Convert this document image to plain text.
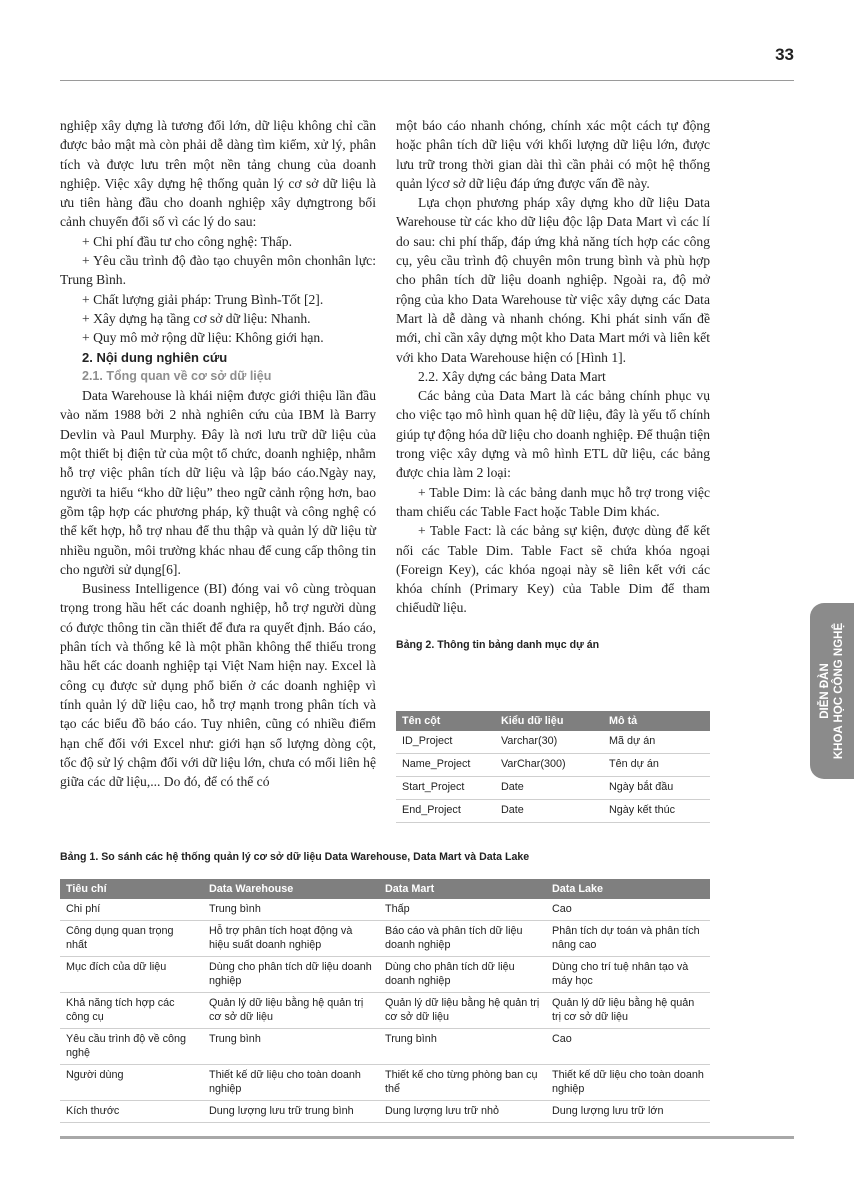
33

nghiệp xây dựng là tương đối lớn, dữ liệu không chỉ cần được bảo mật mà còn phải dễ dàng tìm kiếm, xử lý, phân tích và được lưu trên một nền tảng chung của doanh nghiệp. Việc xây dựng hệ thống quản lý cơ sở dữ liệu là ưu tiên hàng đầu cho doanh nghiệp xây dựngtrong bối cảnh chuyển đổi số vì các lý do sau:

+ Chi phí đầu tư cho công nghệ: Thấp.

+ Yêu cầu trình độ đào tạo chuyên môn chonhân lực: Trung Bình.

+ Chất lượng giải pháp: Trung Bình-Tốt [2].

+ Xây dựng hạ tầng cơ sở dữ liệu: Nhanh.

+ Quy mô mở rộng dữ liệu: Không giới hạn.

2. Nội dung nghiên cứu

2.1. Tổng quan về cơ sở dữ liệu

Data Warehouse là khái niệm được giới thiệu lần đầu vào năm 1988 bởi 2 nhà nghiên cứu của IBM là Barry Devlin và Paul Murphy. Đây là nơi lưu trữ dữ liệu của một thiết bị điện tử của một tổ chức, doanh nghiệp, nhằm hỗ trợ việc phân tích dữ liệu và lập báo cáo.Ngày nay, người ta hiểu “kho dữ liệu” theo ngữ cảnh rộng hơn, bao gồm tập hợp các phương pháp, kỹ thuật và công nghệ có thể kết hợp, hỗ trợ nhau để thu thập và quản lý dữ liệu từ nhiều nguồn, môi trường khác nhau để cung cấp thông tin cho người sử dụng[6].

Business Intelligence (BI) đóng vai vô cùng tròquan trọng trong hầu hết các doanh nghiệp, hỗ trợ người dùng có được thông tin cần thiết để đưa ra quyết định. Báo cáo, phân tích và thống kê là một phần không thể thiếu trong hầu hết các doanh nghiệp tại Việt Nam hiện nay. Excel là công cụ được sử dụng phổ biến ở các doanh nghiệp vì tính quản lý dữ liệu cao, hỗ trợ mạnh trong phân tích và tạo các biểu đồ báo cáo. Tuy nhiên, cũng có nhiều điểm hạn chế đối với Excel như: giới hạn số lượng dòng cột, tốc độ sử lý chậm đối với dữ liệu lớn, chưa có mối liên hệ giữa các dữ liệu,... Do đó, để có thể có

một báo cáo nhanh chóng, chính xác một cách tự động hoặc phân tích dữ liệu với khối lượng dữ liệu lớn, được lưu trữ trong thời gian dài thì cần phải có một hệ thống quản lýcơ sở dữ liệu đáp ứng được vấn đề này.

Lựa chọn phương pháp xây dựng kho dữ liệu Data Warehouse từ các kho dữ liệu độc lập Data Mart vì các lí do sau: chi phí thấp, đáp ứng khả năng tích hợp các công cụ, yêu cầu trình độ chuyên môn trung bình và phù hợp cho phân tích dữ liệu doanh nghiệp. Ngoài ra, độ mở rộng của kho Data Warehouse từ việc xây dựng các Data Mart là dễ dàng và nhanh chóng. Khi phát sinh vấn đề mới, chỉ cần xây dựng một kho Data Mart mới và liên kết với kho Data Warehouse hiện có [Hình 1].

2.2. Xây dựng các bảng Data Mart

Các bảng của Data Mart là các bảng chính phục vụ cho việc tạo mô hình quan hệ dữ liệu, đây là yếu tố chính giúp tự động hóa dữ liệu cho doanh nghiệp. Để thuận tiện trong việc xây dựng và mô hình ETL dữ liệu, các bảng được chia làm 2 loại:

+ Table Dim: là các bảng danh mục hỗ trợ trong việc tham chiếu các Table Fact hoặc Table Dim khác.

+ Table Fact: là các bảng sự kiện, được dùng để kết nối các Table Dim. Table Fact sẽ chứa khóa ngoại (Foreign Key), các khóa ngoại này sẽ liên kết với các khóa chính (Primary Key) của Table Dim để tham chiếudữ liệu.

Bảng 2. Thông tin bảng danh mục dự án

Tên cột	Kiểu dữ liệu	Mô tả
ID_Project	Varchar(30)	Mã dự án
Name_Project	VarChar(300)	Tên dự án
Start_Project	Date	Ngày bắt đầu
End_Project	Date	Ngày kết thúc
Bảng 1. So sánh các hệ thống quản lý cơ sở dữ liệu Data Warehouse, Data Mart và Data Lake
Tiêu chí	Data Warehouse	Data Mart	Data Lake
Chi phí	Trung bình	Thấp	Cao
Công dụng quan trọng nhất	Hỗ trợ phân tích hoạt động và hiệu suất doanh nghiệp	Báo cáo và phân tích dữ liệu doanh nghiệp	Phân tích dự toán và phân tích nâng cao
Mục đích của dữ liệu	Dùng cho phân tích dữ liệu doanh nghiệp	Dùng cho phân tích dữ liệu doanh nghiệp	Dùng cho trí tuệ nhân tạo và máy học
Khả năng tích hợp các công cụ	Quản lý dữ liệu bằng hệ quản trị cơ sở dữ liệu	Quản lý dữ liệu bằng hệ quản trị cơ sở dữ liệu	Quản lý dữ liệu bằng hệ quản trị cơ sở dữ liệu
Yêu cầu trình độ về công nghệ	Trung bình	Trung bình	Cao
Người dùng	Thiết kế dữ liệu cho toàn doanh nghiệp	Thiết kế cho từng phòng ban cụ thể	Thiết kế dữ liệu cho toàn doanh nghiệp
Kích thước	Dung lượng lưu trữ trung bình	Dung lượng lưu trữ nhỏ	Dung lượng lưu trữ lớn
DIỄN ĐÀN KHOA HỌC CÔNG NGHỆ
